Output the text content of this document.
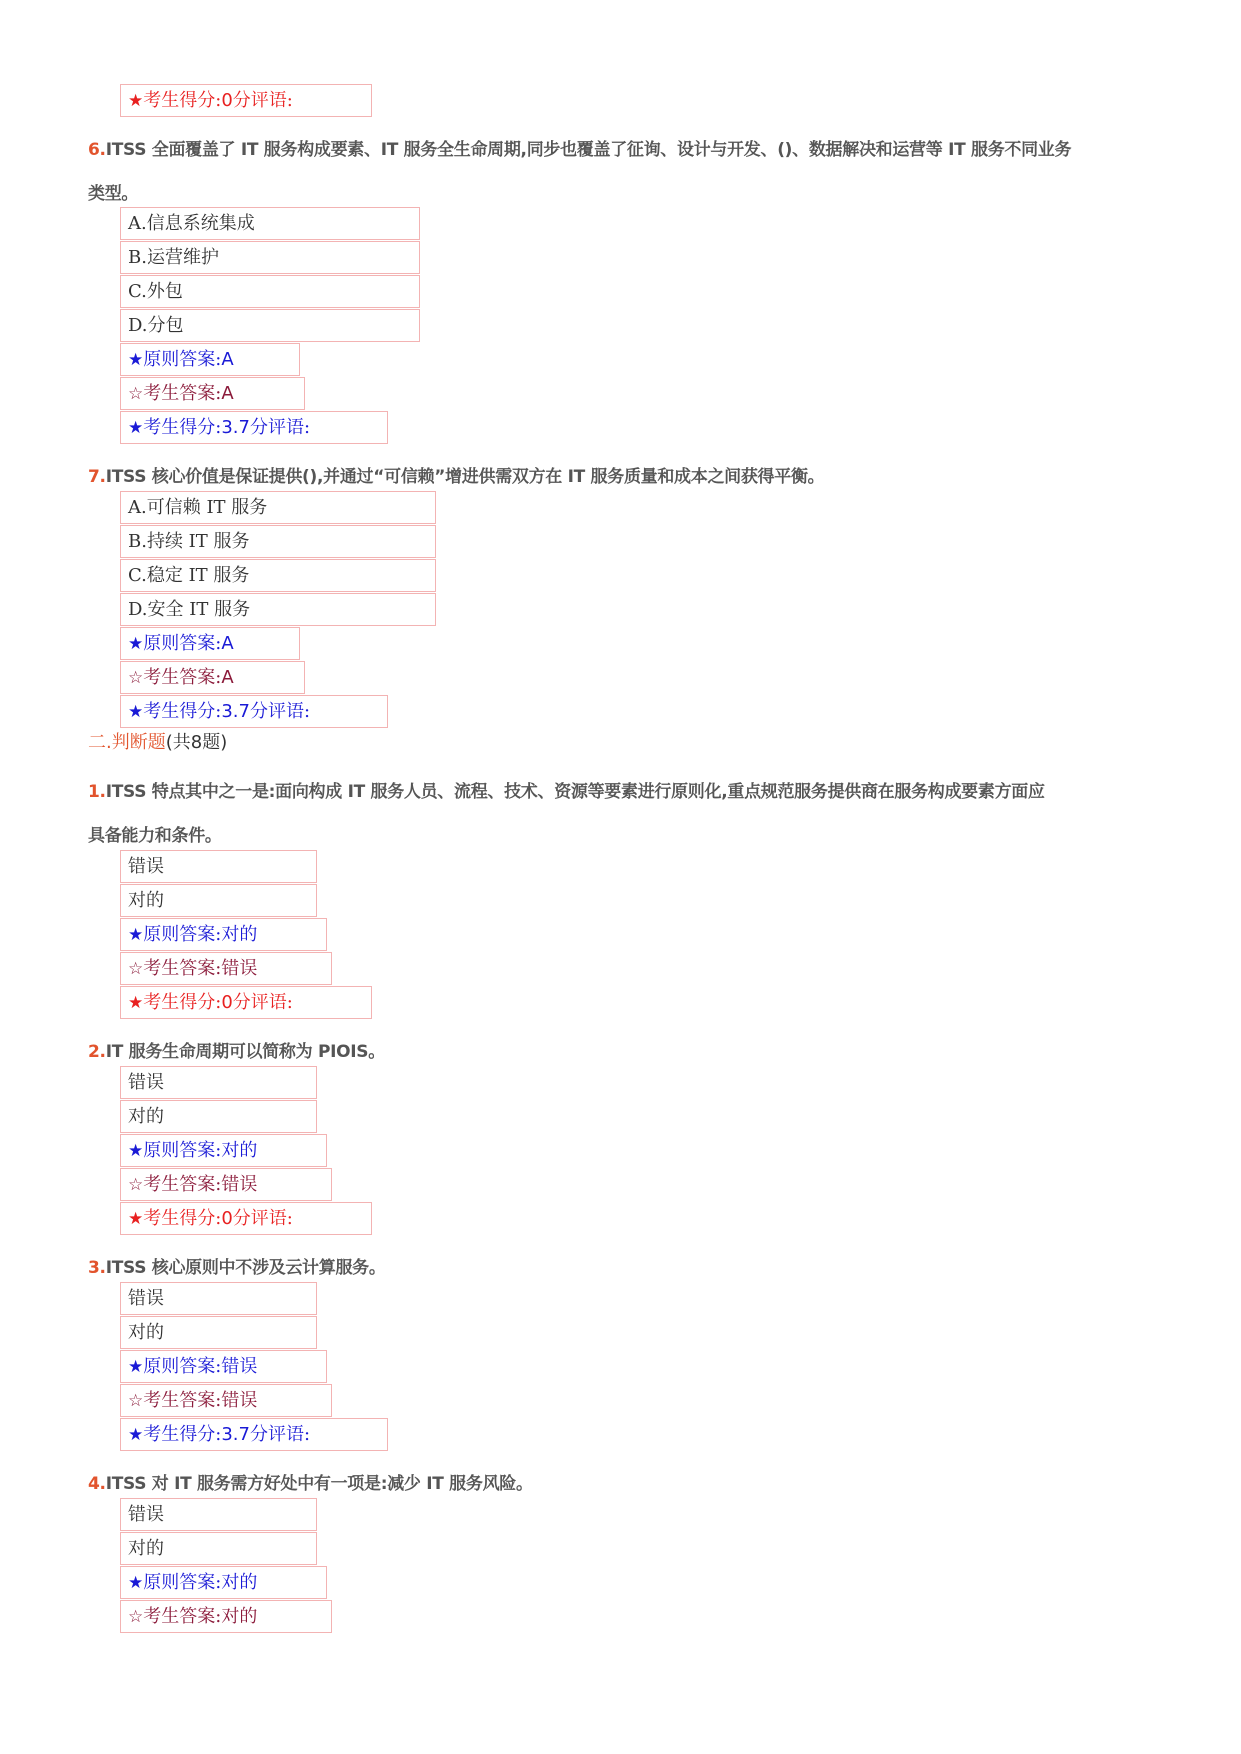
★考生得分:0分评语:
6.ITSS 全面覆盖了 IT 服务构成要素、IT 服务全生命周期,同步也覆盖了征询、设计与开发、()、数据解决和运营等 IT 服务不同业务
类型。
A.信息系统集成
B.运营维护
C.外包
D.分包
★原则答案:A
☆考生答案:A
★考生得分:3.7分评语:
7.ITSS 核心价值是保证提供(),并通过“可信赖”增进供需双方在 IT 服务质量和成本之间获得平衡。
A.可信赖 IT 服务
B.持续 IT 服务
C.稳定 IT 服务
D.安全 IT 服务
★原则答案:A
☆考生答案:A
★考生得分:3.7分评语:
二.判断题(共8题)
1.ITSS 特点其中之一是:面向构成 IT 服务人员、流程、技术、资源等要素进行原则化,重点规范服务提供商在服务构成要素方面应
具备能力和条件。
错误
对的
★原则答案:对的
☆考生答案:错误
★考生得分:0分评语:
2.IT 服务生命周期可以简称为 PIOIS。
错误
对的
★原则答案:对的
☆考生答案:错误
★考生得分:0分评语:
3.ITSS 核心原则中不涉及云计算服务。
错误
对的
★原则答案:错误
☆考生答案:错误
★考生得分:3.7分评语:
4.ITSS 对 IT 服务需方好处中有一项是:减少 IT 服务风险。
错误
对的
★原则答案:对的
☆考生答案:对的
